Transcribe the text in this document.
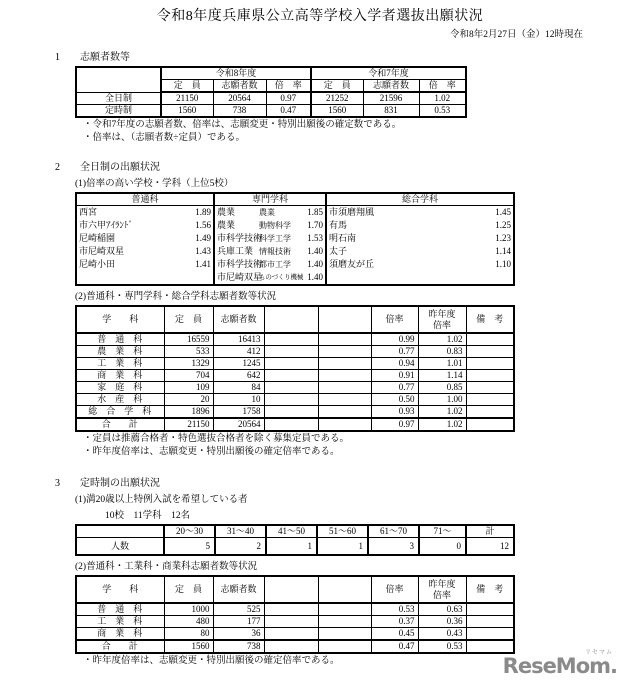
令和8年度兵庫県公立高等学校入学者選抜出願状況
令和8年2月27日（金）12時現在
1 志願者数等
	令和8年度			令和7年度		
	定　員	志願者数	倍　率	定　員	志願者数	倍　率
全日制	21150	20564	0.97	21252	21596	1.02
定時制	1560	738	0.47	1560	831	0.53
・令和7年度の志願者数、倍率は、志願変更・特別出願後の確定数である。
・倍率は、（志願者数÷定員）である。
2 全日制の出願状況
(1)倍率の高い学校・学科（上位5校）
普通科		専門学科			総合学科	
西宮	1.89	農業	農業	1.85	市須磨翔風	1.45
市六甲ｱｲﾗﾝﾄﾞ	1.56	農業	動物科学	1.70	有馬	1.25
尼崎稲園	1.49	市科学技術	科学工学	1.53	明石南	1.23
市尼崎双星	1.43	兵庫工業	情報技術	1.40	太子	1.14
尼崎小田	1.41	市科学技術	都市工学	1.40	須磨友が丘	1.10
		市尼崎双星	ものづくり機械	1.40		
(2)普通科・専門学科・総合学科志願者数等状況
学　　科	定　員	志願者数			倍率	昨年度
倍率	備　考
普　通　科	16559	16413			0.99	1.02	
農　業　科	533	412			0.77	0.83	
工　業　科	1329	1245			0.94	1.01	
商　業　科	704	642			0.91	1.14	
家　庭　科	109	84			0.77	0.85	
水　産　科	20	10			0.50	1.00	
総　合　学　科	1896	1758			0.93	1.02	
合　　計	21150	20564			0.97	1.02	
・定員は推薦合格者・特色選抜合格者を除く募集定員である。
・昨年度倍率は、志願変更・特別出願後の確定倍率である。
3 定時制の出願状況
(1)満20歳以上特例入試を希望している者
10校　11学科　12名
	20～30	31～40	41～50	51～60	61～70	71～	計
人数	5	2	1	1	3	0	12
(2)普通科・工業科・商業科志願者数等状況
学　　科	定　員	志願者数			倍率	昨年度
倍率	備　考
普　通　科	1000	525			0.53	0.63	
工　業　科	480	177			0.37	0.36	
商　業　科	80	36			0.45	0.43	
合　　計	1560	738			0.47	0.53	
・昨年度倍率は、志願変更・特別出願後の確定倍率である。
リセマム
ReseMom.
